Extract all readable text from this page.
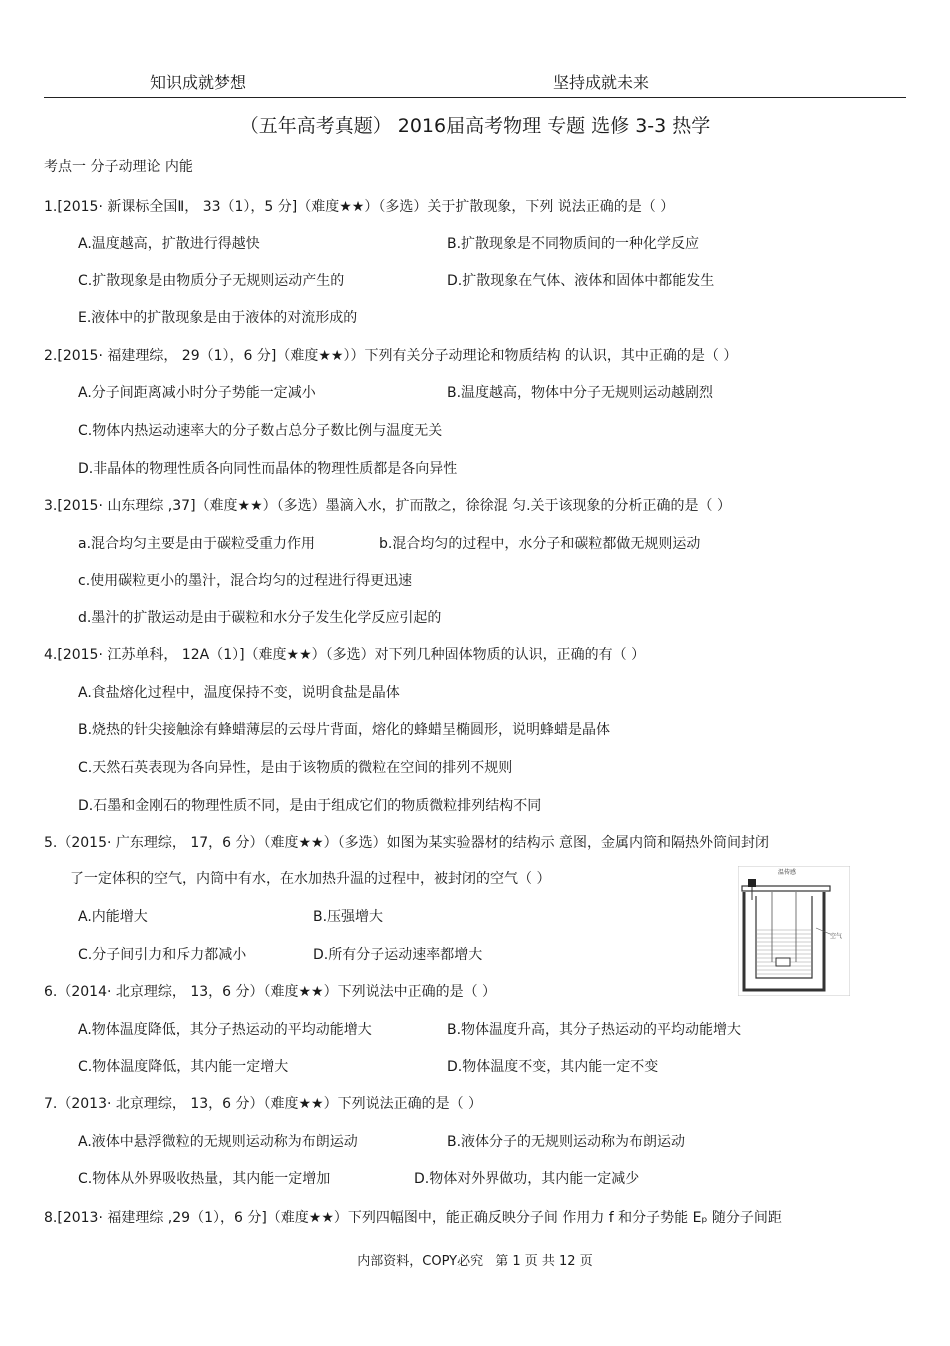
知识成就梦想	坚持成就未来
（五年高考真题） 2016届高考物理 专题 选修 3-3 热学
考点一 分子动理论 内能
1.[2015· 新课标全国Ⅱ， 33（1），5 分]（难度★★）（多选）关于扩散现象，下列 说法正确的是（ ）
A.温度越高，扩散进行得越快	B.扩散现象是不同物质间的一种化学反应
C.扩散现象是由物质分子无规则运动产生的	D.扩散现象在气体、液体和固体中都能发生
E.液体中的扩散现象是由于液体的对流形成的
2.[2015· 福建理综， 29（1），6 分]（难度★★））下列有关分子动理论和物质结构 的认识，其中正确的是（ ）
A.分子间距离减小时分子势能一定减小	B.温度越高，物体中分子无规则运动越剧烈
C.物体内热运动速率大的分子数占总分子数比例与温度无关
D.非晶体的物理性质各向同性而晶体的物理性质都是各向异性
3.[2015· 山东理综 ,37]（难度★★）（多选）墨滴入水，扩而散之，徐徐混 匀.关于该现象的分析正确的是（ ）
a.混合均匀主要是由于碳粒受重力作用	b.混合均匀的过程中，水分子和碳粒都做无规则运动
c.使用碳粒更小的墨汁，混合均匀的过程进行得更迅速
d.墨汁的扩散运动是由于碳粒和水分子发生化学反应引起的
4.[2015· 江苏单科， 12A（1）]（难度★★）（多选）对下列几种固体物质的认识，正确的有（ ）
A.食盐熔化过程中，温度保持不变，说明食盐是晶体
B.烧热的针尖接触涂有蜂蜡薄层的云母片背面，熔化的蜂蜡呈椭圆形，说明蜂蜡是晶体
C.天然石英表现为各向异性，是由于该物质的微粒在空间的排列不规则
D.石墨和金刚石的物理性质不同，是由于组成它们的物质微粒排列结构不同
5.（2015· 广东理综， 17，6 分）（难度★★）（多选）如图为某实验器材的结构示 意图，金属内筒和隔热外筒间封闭
了一定体积的空气，内筒中有水，在水加热升温的过程中，被封闭的空气（ ）
A.内能增大	B.压强增大
C.分子间引力和斥力都减小	D.所有分子运动速率都增大
温传感
空气
6.（2014· 北京理综， 13，6 分）（难度★★）下列说法中正确的是（ ）
A.物体温度降低，其分子热运动的平均动能增大	B.物体温度升高，其分子热运动的平均动能增大
C.物体温度降低，其内能一定增大	D.物体温度不变，其内能一定不变
7.（2013· 北京理综， 13，6 分）（难度★★）下列说法正确的是（ ）
A.液体中悬浮微粒的无规则运动称为布朗运动	B.液体分子的无规则运动称为布朗运动
C.物体从外界吸收热量，其内能一定增加	D.物体对外界做功，其内能一定减少
8.[2013· 福建理综 ,29（1），6 分]（难度★★）下列四幅图中，能正确反映分子间 作用力 f 和分子势能 Eₚ 随分子间距
内部资料，COPY必究 第 1 页 共 12 页
